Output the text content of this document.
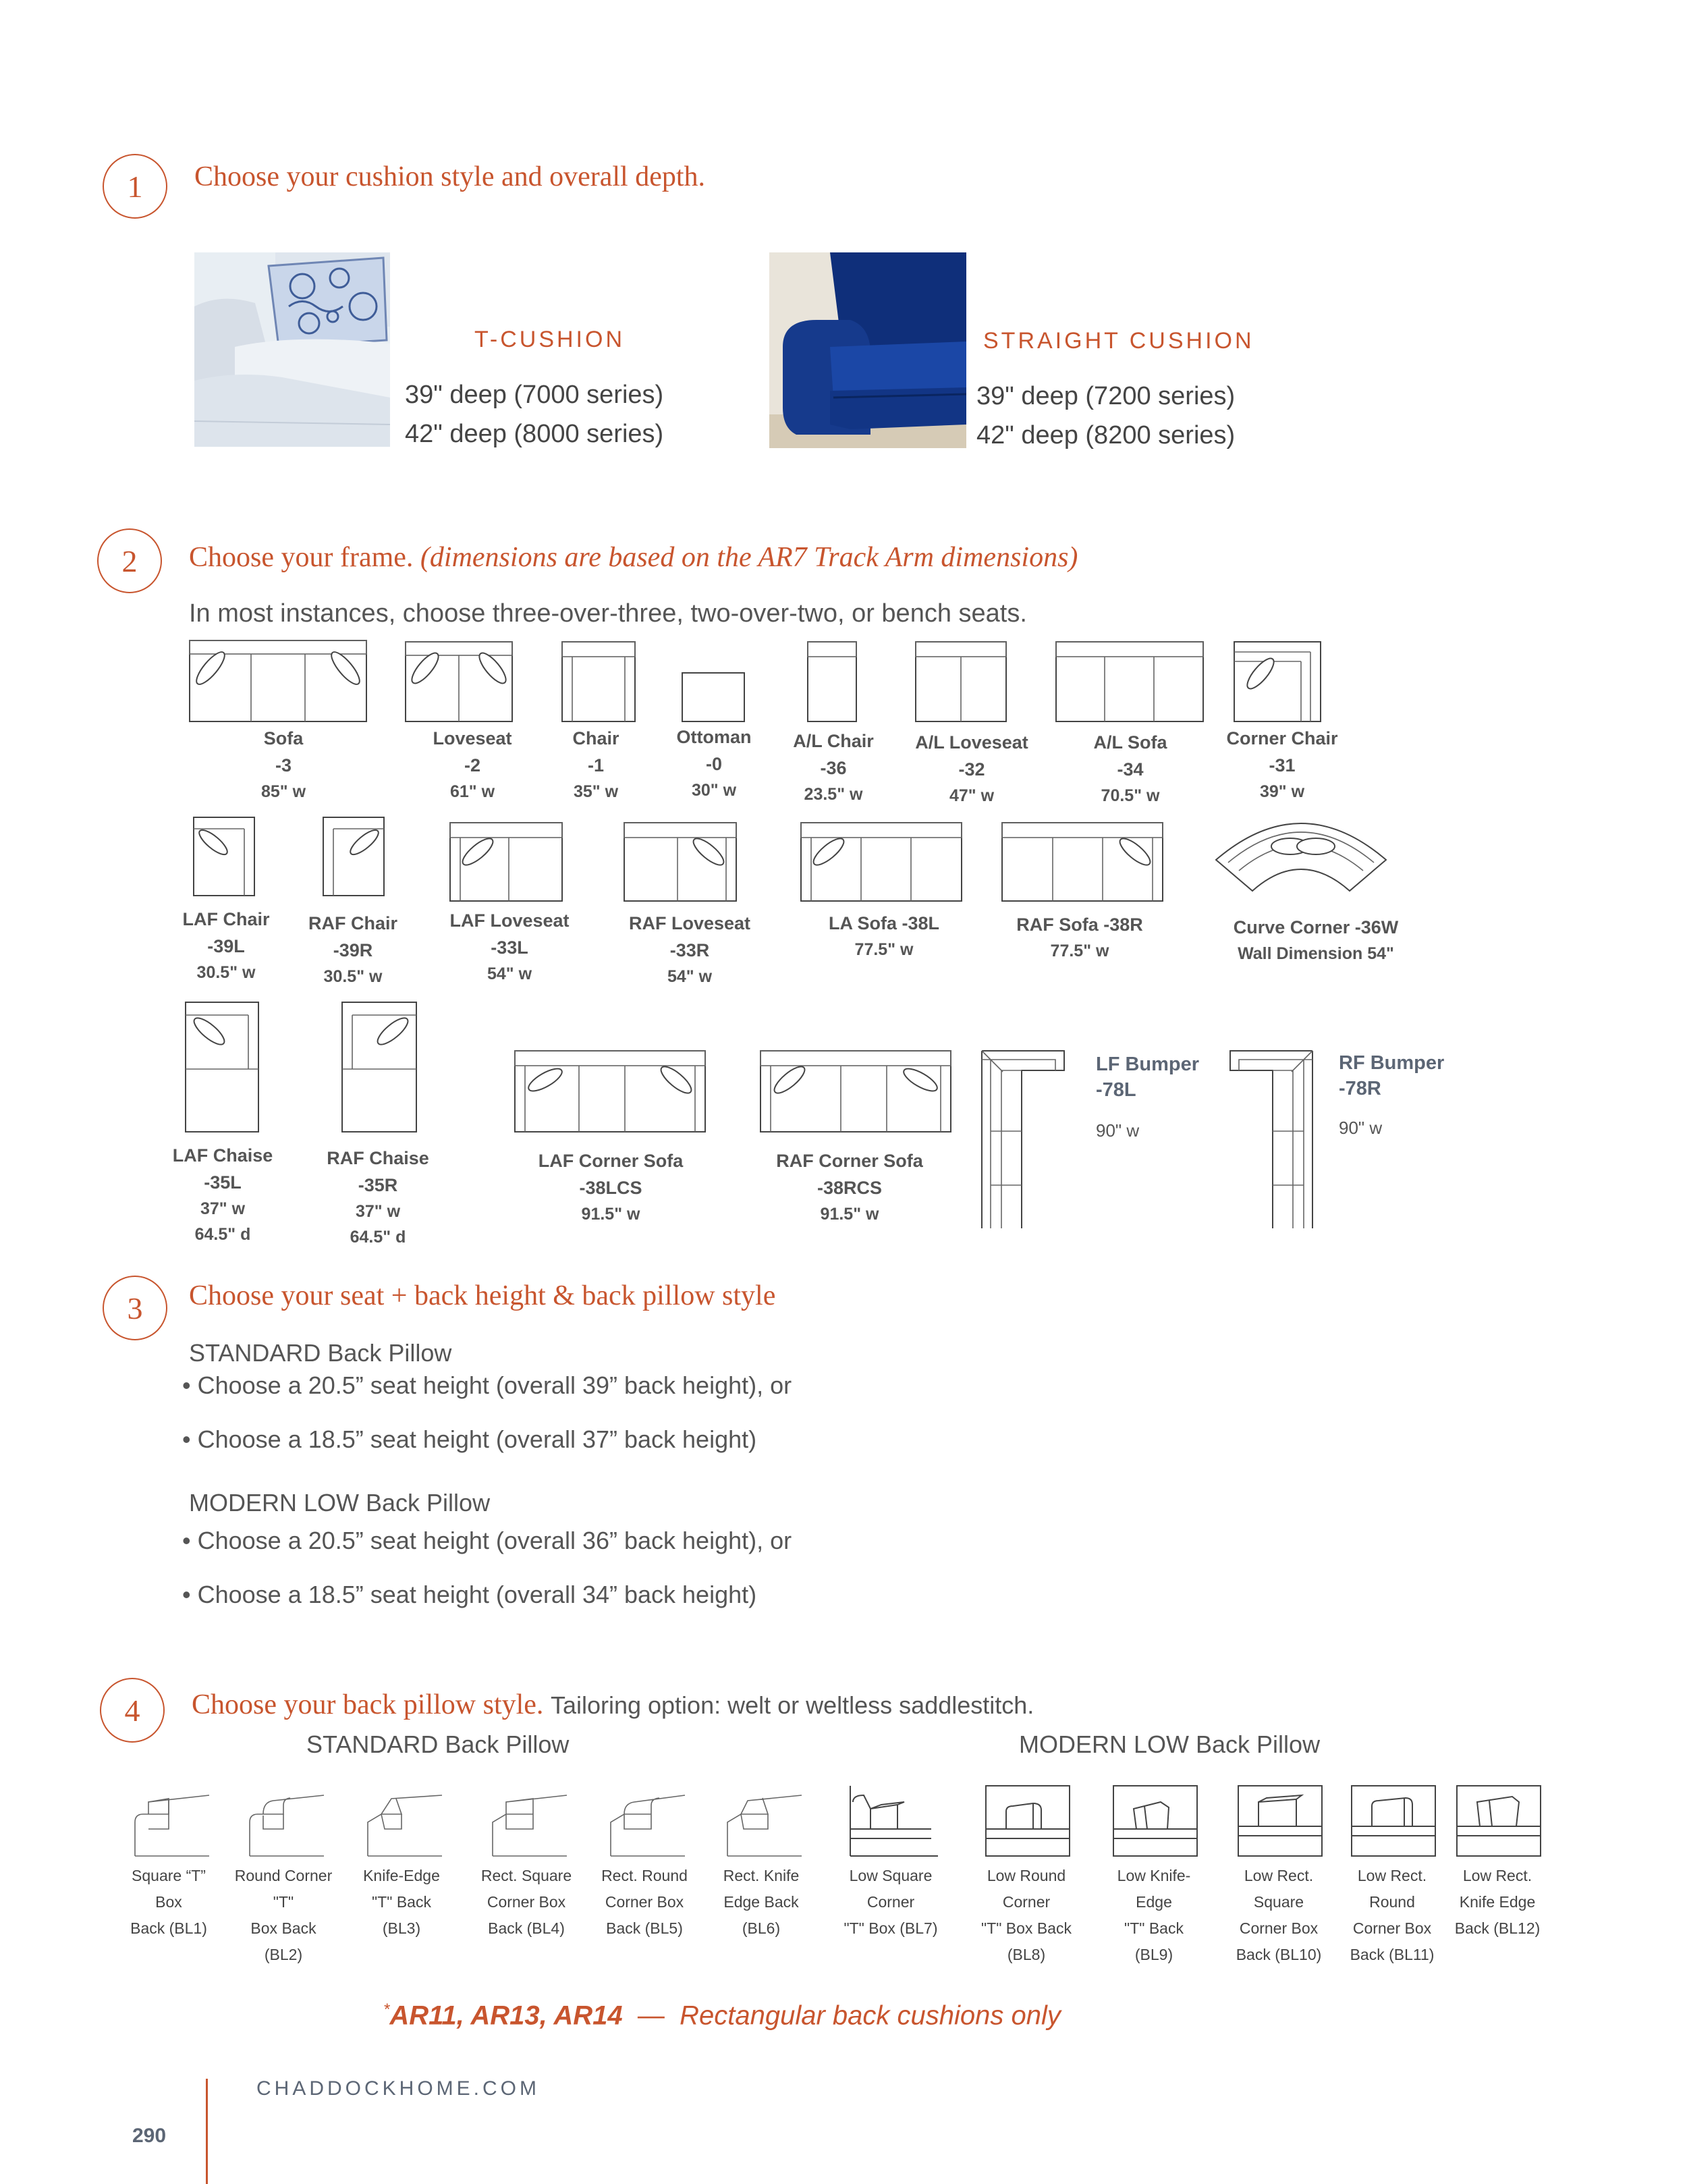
1 Choose your cushion style and overall depth.
T-CUSHION
39" deep (7000 series)
42" deep (8000 series)
STRAIGHT CUSHION
39" deep (7200 series)
42" deep (8200 series)
2 Choose your frame. (dimensions are based on the AR7 Track Arm dimensions)
In most instances, choose three-over-three, two-over-two, or bench seats.
Sofa
-3
85" w
Loveseat
-2
61" w
Chair
-1
35" w
Ottoman
-0
30" w
A/L Chair
-36
23.5" w
A/L Loveseat
-32
47" w
A/L Sofa
-34
70.5" w
Corner Chair
-31
39" w
LAF Chair
-39L
30.5" w
RAF Chair
-39R
30.5" w
LAF Loveseat
-33L
54" w
RAF Loveseat
-33R
54" w
LA Sofa -38L
77.5" w
RAF Sofa -38R
77.5" w
Curve Corner -36W
Wall Dimension 54"
LAF Chaise
-35L
37" w
64.5" d
RAF Chaise
-35R
37" w
64.5" d
LAF Corner Sofa
-38LCS
91.5" w
RAF Corner Sofa
-38RCS
91.5" w
LF Bumper
-78L
90" w
RF Bumper
-78R
90" w
3 Choose your seat + back height & back pillow style
STANDARD Back Pillow
• Choose a 20.5” seat height (overall 39” back height), or
• Choose a 18.5” seat height (overall 37” back height)
MODERN LOW Back Pillow
• Choose a 20.5” seat height (overall 36” back height), or
• Choose a 18.5” seat height (overall 34” back height)
4 Choose your back pillow style. Tailoring option: welt or weltless saddlestitch.
STANDARD Back Pillow	MODERN LOW Back Pillow
Square “T”
Box
Back (BL1)
Round Corner
"T"
Box Back
(BL2)
Knife-Edge
"T" Back
(BL3)
Rect. Square
Corner Box
Back (BL4)
Rect. Round
Corner Box
Back (BL5)
Rect. Knife
Edge Back
(BL6)
Low Square
Corner
"T" Box (BL7)
Low Round
Corner
"T" Box Back
(BL8)
Low Knife-
Edge
"T" Back
(BL9)
Low Rect.
Square
Corner Box
Back (BL10)
Low Rect.
Round
Corner Box
Back (BL11)
Low Rect.
Knife Edge
Back (BL12)
*AR11, AR13, AR14 — Rectangular back cushions only
CHADDOCKHOME.COM
290
